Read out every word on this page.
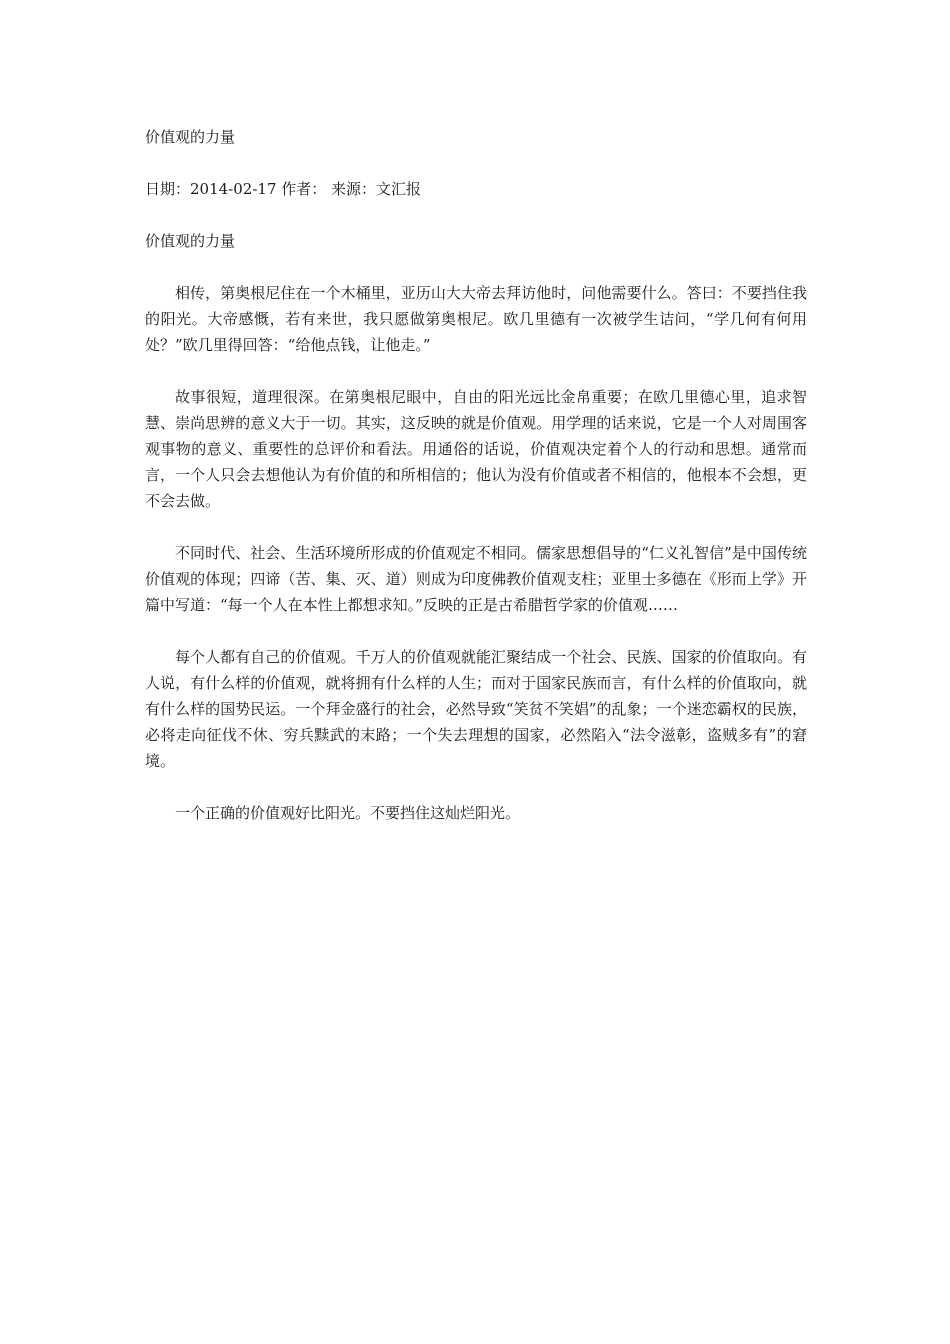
价值观的力量

日期：2014-02-17 作者： 来源：文汇报

价值观的力量

相传，第奥根尼住在一个木桶里，亚历山大大帝去拜访他时，问他需要什么。答曰：不要挡住我的阳光。大帝感慨，若有来世，我只愿做第奥根尼。欧几里德有一次被学生诘问，“学几何有何用处？”欧几里得回答：“给他点钱，让他走。”

故事很短，道理很深。在第奥根尼眼中，自由的阳光远比金帛重要；在欧几里德心里，追求智慧、崇尚思辨的意义大于一切。其实，这反映的就是价值观。用学理的话来说，它是一个人对周围客观事物的意义、重要性的总评价和看法。用通俗的话说，价值观决定着个人的行动和思想。通常而言，一个人只会去想他认为有价值的和所相信的；他认为没有价值或者不相信的，他根本不会想，更不会去做。

不同时代、社会、生活环境所形成的价值观定不相同。儒家思想倡导的“仁义礼智信”是中国传统价值观的体现；四谛（苦、集、灭、道）则成为印度佛教价值观支柱；亚里士多德在《形而上学》开篇中写道：“每一个人在本性上都想求知。”反映的正是古希腊哲学家的价值观……

每个人都有自己的价值观。千万人的价值观就能汇聚结成一个社会、民族、国家的价值取向。有人说，有什么样的价值观，就将拥有什么样的人生；而对于国家民族而言，有什么样的价值取向，就有什么样的国势民运。一个拜金盛行的社会，必然导致“笑贫不笑娼”的乱象；一个迷恋霸权的民族，必将走向征伐不休、穷兵黩武的末路；一个失去理想的国家，必然陷入“法令滋彰，盗贼多有”的窘境。

一个正确的价值观好比阳光。不要挡住这灿烂阳光。
